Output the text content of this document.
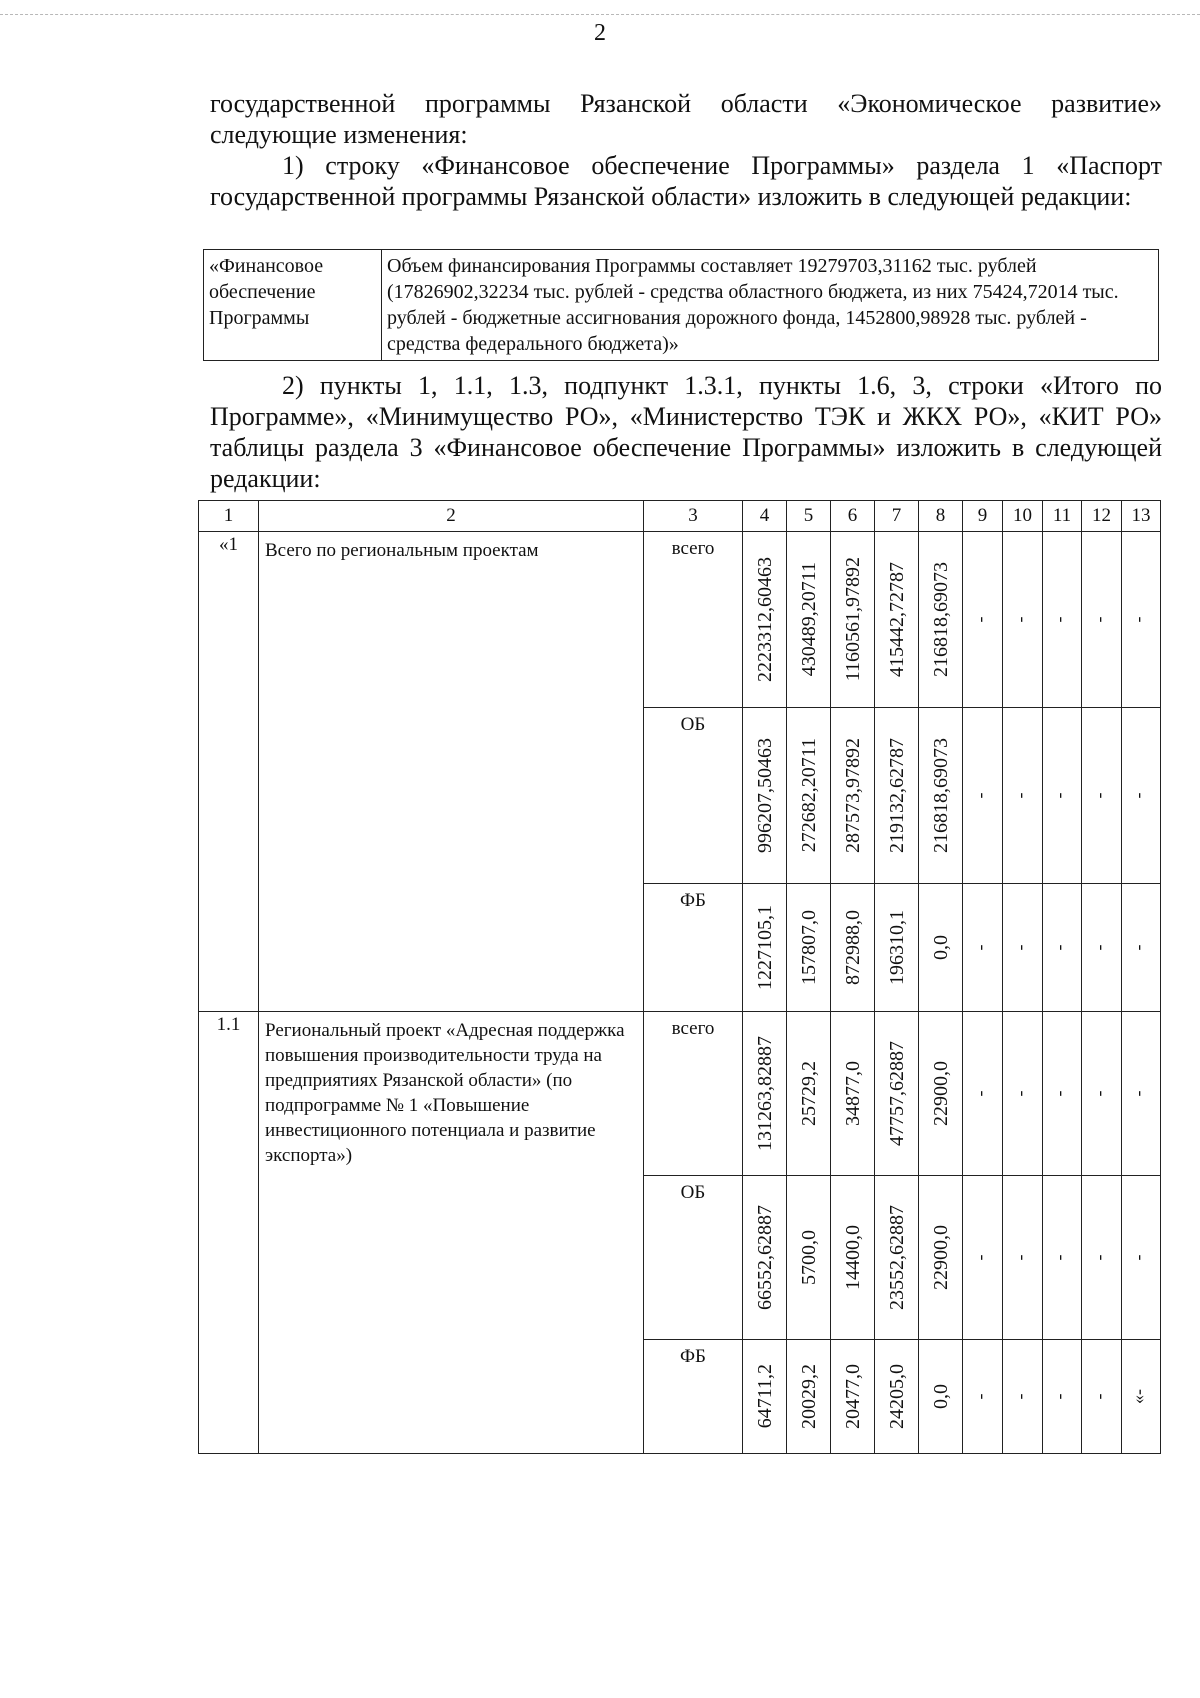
2

государственной программы Рязанской области «Экономическое развитие» следующие изменения:

1) строку «Финансовое обеспечение Программы» раздела 1 «Паспорт государственной программы Рязанской области» изложить в следующей редакции:

«Финансовое обеспечение Программы	Объем финансирования Программы составляет 19279703,31162 тыс. рублей (17826902,32234 тыс. рублей - средства областного бюджета, из них 75424,72014 тыс. рублей - бюджетные ассигнования дорожного фонда, 1452800,98928 тыс. рублей - средства федерального бюджета)»

2) пункты 1, 1.1, 1.3, подпункт 1.3.1, пункты 1.6, 3, строки «Итого по Программе», «Минимущество РО», «Министерство ТЭК и ЖКХ РО», «КИТ РО» таблицы раздела 3 «Финансовое обеспечение Программы» изложить в следующей редакции:

1	2	3	4	5	6	7	8	9	10	11	12	13
«1	Всего по региональным проектам	всего	2223312,60463	430489,20711	1160561,97892	415442,72787	216818,69073	-	-	-	-	-
		ОБ	996207,50463	272682,20711	287573,97892	219132,62787	216818,69073	-	-	-	-	-
		ФБ	1227105,1	157807,0	872988,0	196310,1	0,0	-	-	-	-	-
1.1	Региональный проект «Адресная поддержка повышения производительности труда на предприятиях Рязанской области» (по подпрограмме № 1 «Повышение инвестиционного потенциала и развитие экспорта»)	всего	131263,82887	25729,2	34877,0	47757,62887	22900,0	-	-	-	-	-
		ОБ	66552,62887	5700,0	14400,0	23552,62887	22900,0	-	-	-	-	-
		ФБ	64711,2	20029,2	20477,0	24205,0	0,0	-	-	-	-	-»
